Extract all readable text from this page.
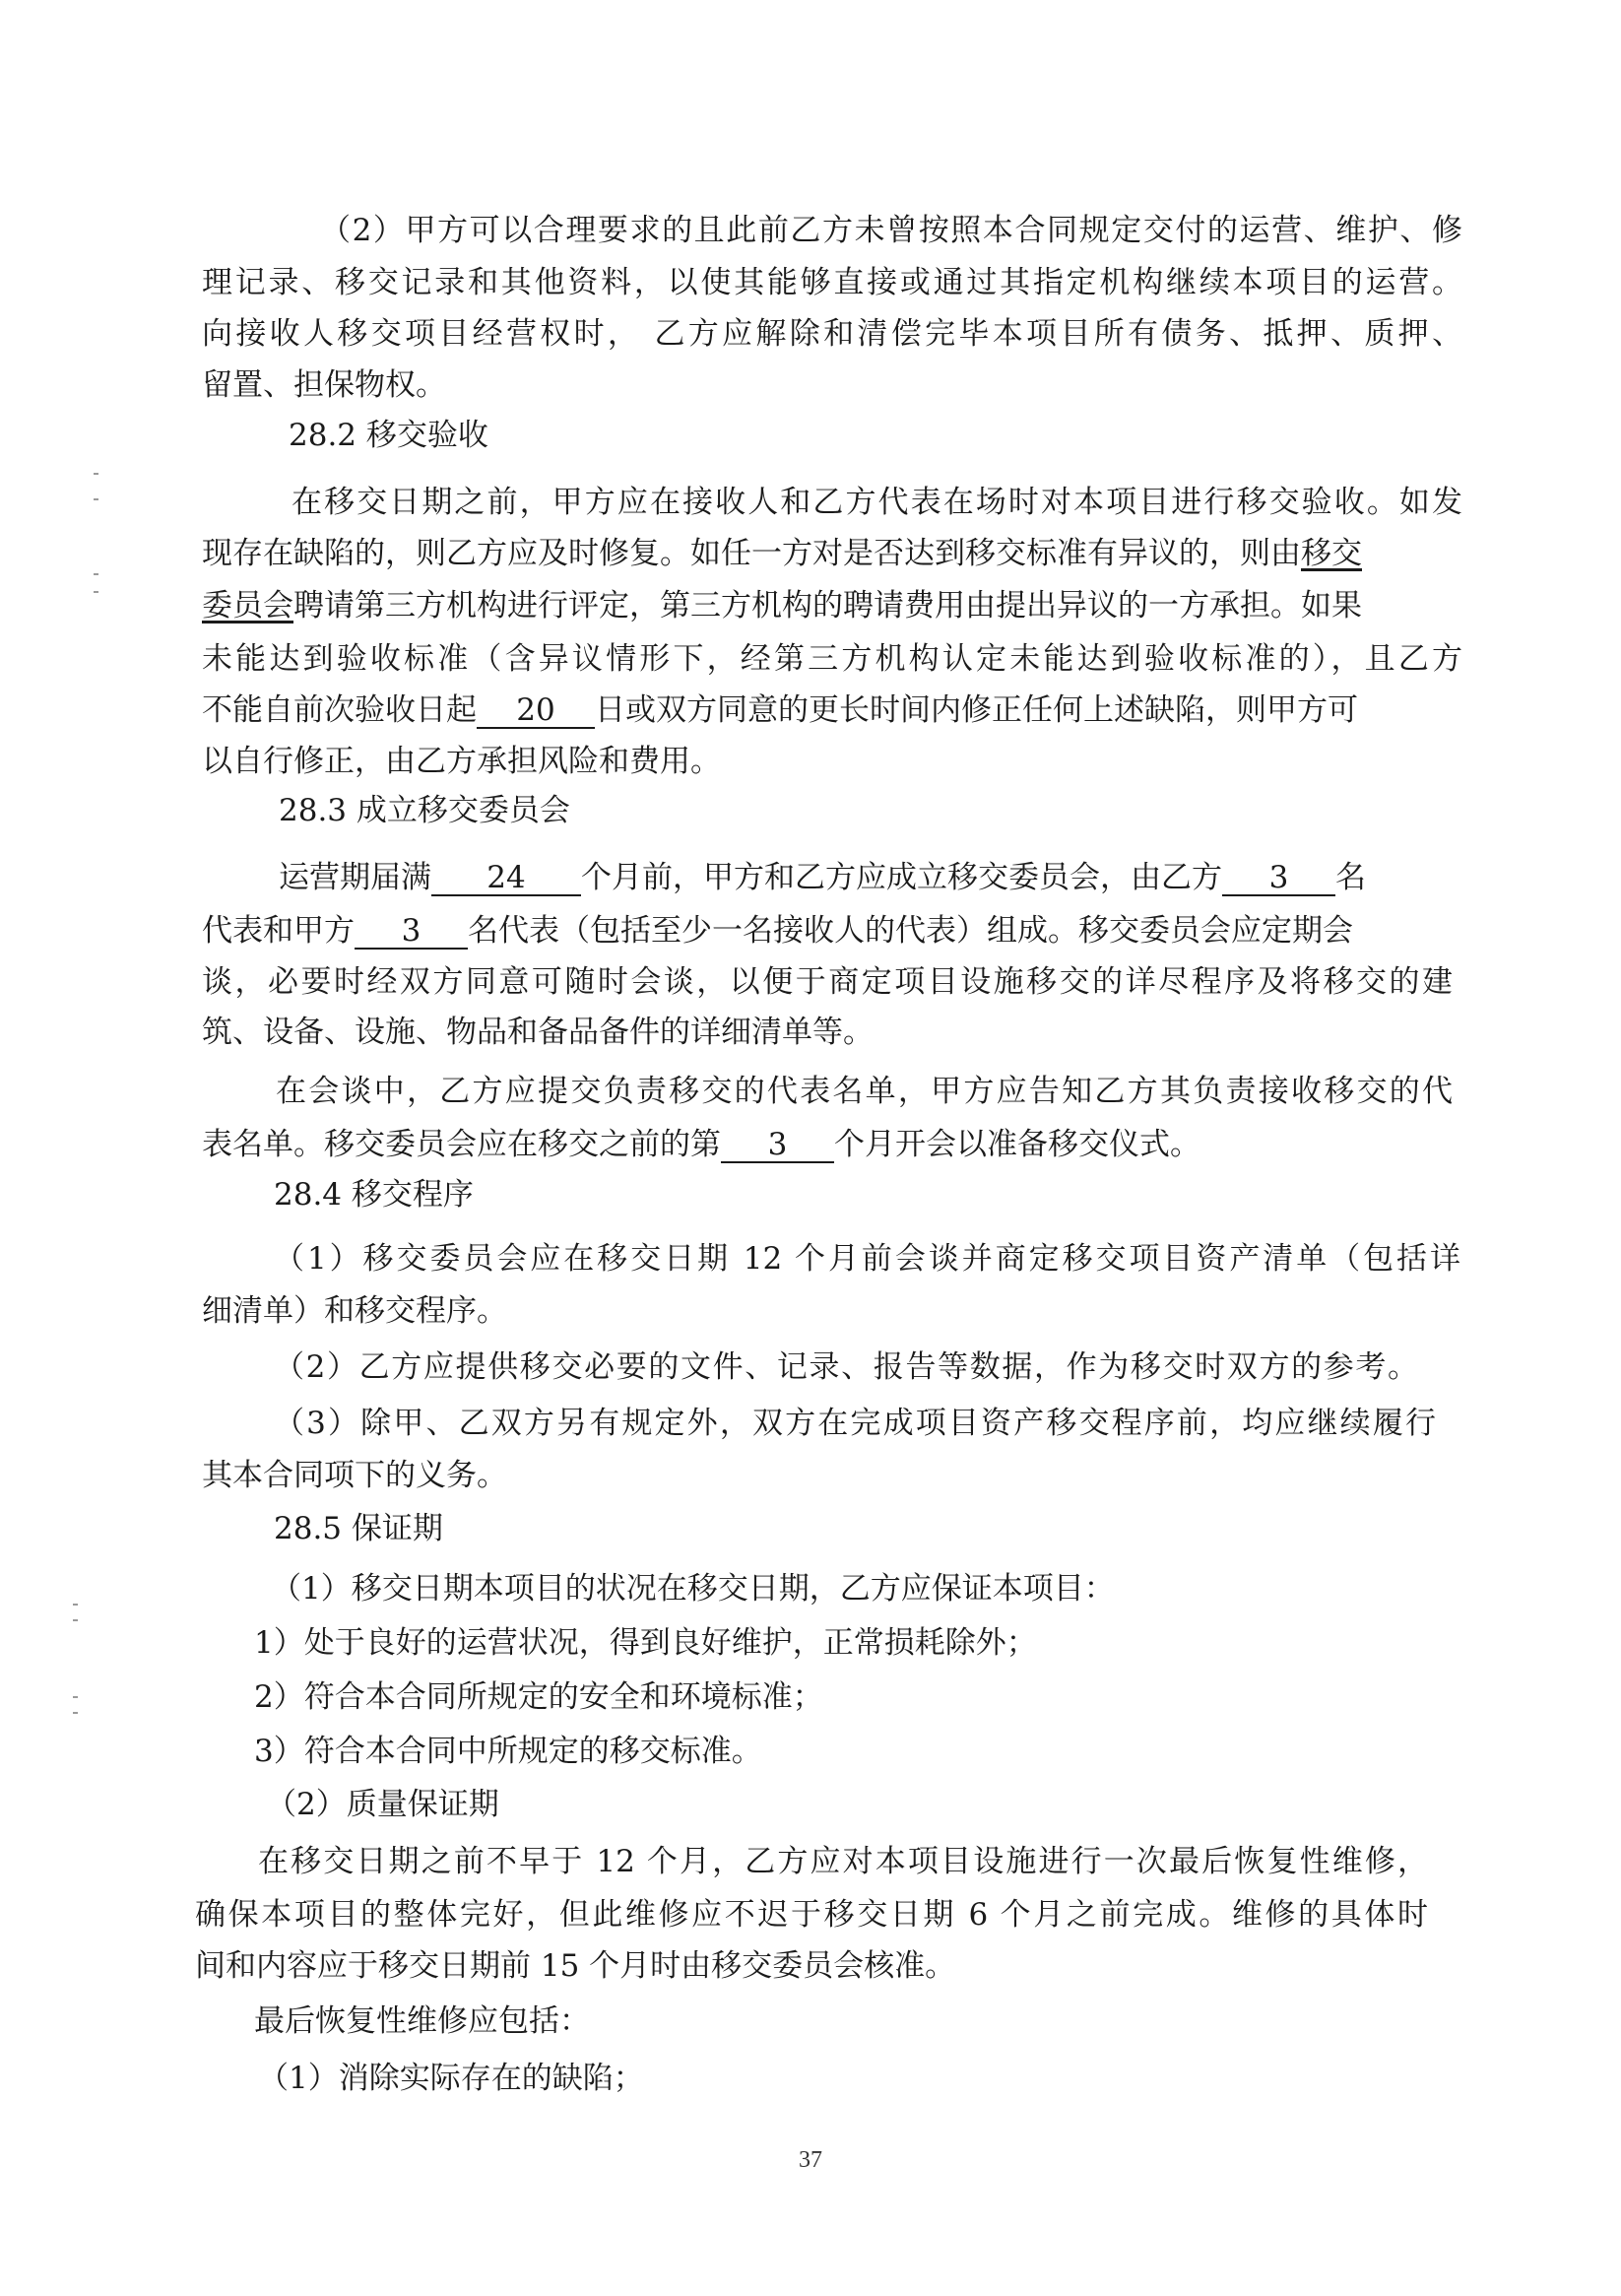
（2）甲方可以合理要求的且此前乙方未曾按照本合同规定交付的运营、维护、修
理记录、移交记录和其他资料，以使其能够直接或通过其指定机构继续本项目的运营。
向接收人移交项目经营权时， 乙方应解除和清偿完毕本项目所有债务、抵押、质押、
留置、担保物权。
28.2 移交验收
在移交日期之前，甲方应在接收人和乙方代表在场时对本项目进行移交验收。如发
现存在缺陷的，则乙方应及时修复。如任一方对是否达到移交标准有异议的，则由移交
委员会聘请第三方机构进行评定，第三方机构的聘请费用由提出异议的一方承担。如果
未能达到验收标准（含异议情形下，经第三方机构认定未能达到验收标准的），且乙方
不能自前次验收日起 20 日或双方同意的更长时间内修正任何上述缺陷，则甲方可
以自行修正，由乙方承担风险和费用。
28.3 成立移交委员会
运营期届满 24 个月前，甲方和乙方应成立移交委员会，由乙方 3 名
代表和甲方 3 名代表（包括至少一名接收人的代表）组成。移交委员会应定期会
谈，必要时经双方同意可随时会谈，以便于商定项目设施移交的详尽程序及将移交的建
筑、设备、设施、物品和备品备件的详细清单等。
在会谈中，乙方应提交负责移交的代表名单，甲方应告知乙方其负责接收移交的代
表名单。移交委员会应在移交之前的第 3 个月开会以准备移交仪式。
28.4 移交程序
（1）移交委员会应在移交日期 12 个月前会谈并商定移交项目资产清单（包括详
细清单）和移交程序。
（2）乙方应提供移交必要的文件、记录、报告等数据，作为移交时双方的参考。
（3）除甲、乙双方另有规定外，双方在完成项目资产移交程序前，均应继续履行
其本合同项下的义务。
28.5 保证期
（1）移交日期本项目的状况在移交日期，乙方应保证本项目：
1）处于良好的运营状况，得到良好维护，正常损耗除外；
2）符合本合同所规定的安全和环境标准；
3）符合本合同中所规定的移交标准。
（2）质量保证期
在移交日期之前不早于 12 个月，乙方应对本项目设施进行一次最后恢复性维修，
确保本项目的整体完好，但此维修应不迟于移交日期 6 个月之前完成。维修的具体时
间和内容应于移交日期前 15 个月时由移交委员会核准。
最后恢复性维修应包括：
（1）消除实际存在的缺陷；
37
